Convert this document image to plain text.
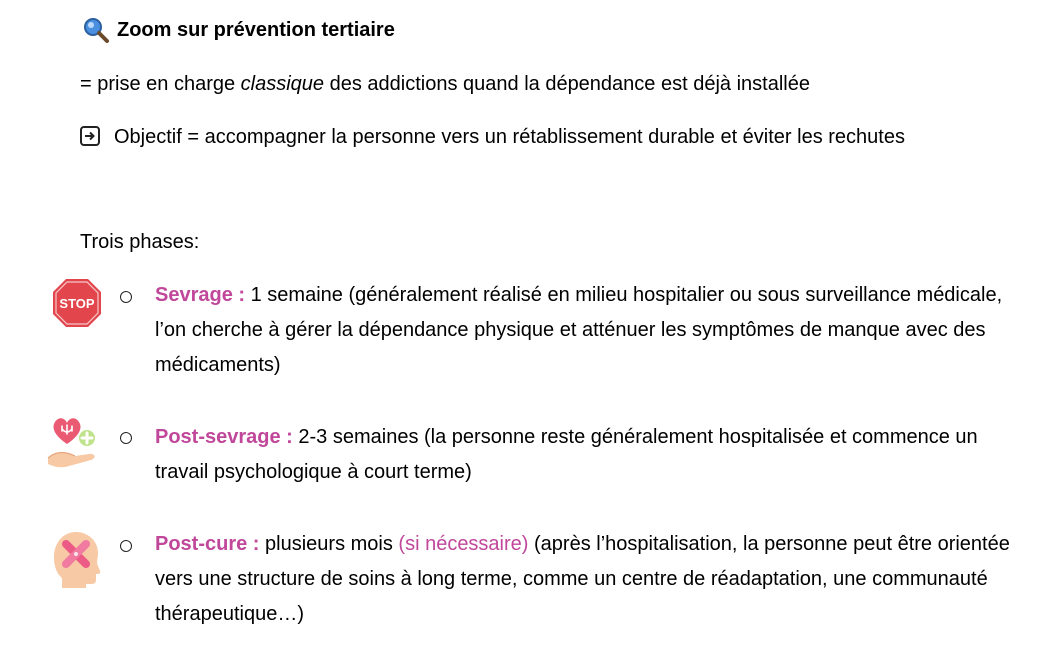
Zoom sur prévention tertiaire
= prise en charge classique des addictions quand la dépendance est déjà installée
Objectif = accompagner la personne vers un rétablissement durable et éviter les rechutes
Trois phases:
STOP	Sevrage : 1 semaine (généralement réalisé en milieu hospitalier ou sous surveillance médicale, l’on cherche à gérer la dépendance physique et atténuer les symptômes de manque avec des médicaments)
Post-sevrage : 2-3 semaines (la personne reste généralement hospitalisée et commence un travail psychologique à court terme)
Post-cure : plusieurs mois (si nécessaire) (après l’hospitalisation, la personne peut être orientée vers une structure de soins à long terme, comme un centre de réadaptation, une communauté thérapeutique…)
